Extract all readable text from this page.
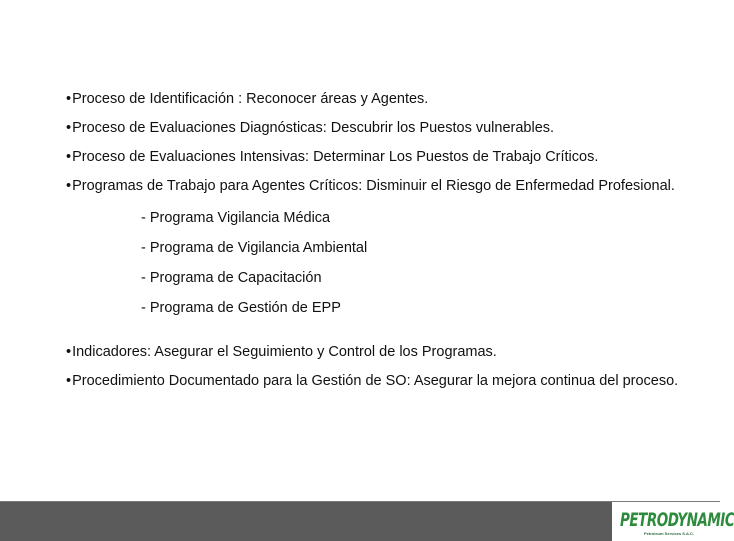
•Proceso de Identificación : Reconocer áreas y Agentes.
•Proceso de Evaluaciones Diagnósticas: Descubrir los Puestos vulnerables.
•Proceso de Evaluaciones Intensivas: Determinar Los Puestos de Trabajo Críticos.
•Programas de Trabajo para Agentes Críticos: Disminuir el Riesgo de Enfermedad Profesional.
- Programa Vigilancia Médica
- Programa de Vigilancia Ambiental
- Programa de Capacitación
- Programa de Gestión de EPP
•Indicadores: Asegurar el Seguimiento y Control de los Programas.
•Procedimiento Documentado para la Gestión de SO: Asegurar la mejora continua del proceso.
PETRODYNAMIC
Petroleum Services S.A.C.
